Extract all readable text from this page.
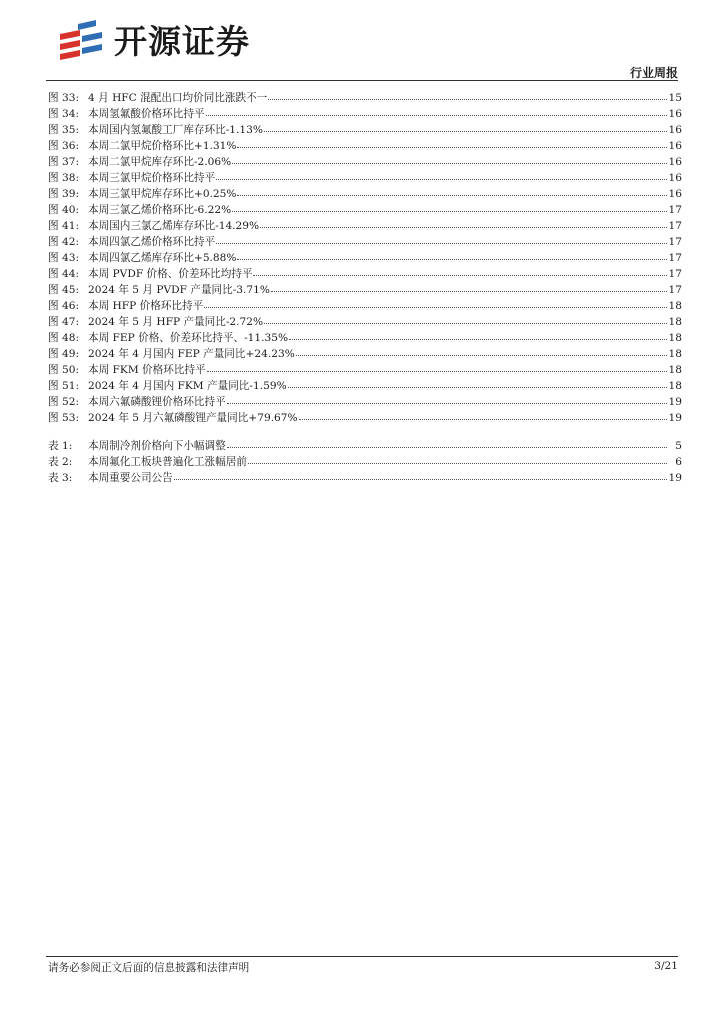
开源证券
行业周报
图 33: 4 月 HFC 混配出口均价同比涨跌不一	15
图 34: 本周氢氟酸价格环比持平	16
图 35: 本周国内氢氟酸工厂库存环比-1.13%	16
图 36: 本周二氯甲烷价格环比+1.31%	16
图 37: 本周二氯甲烷库存环比-2.06%	16
图 38: 本周三氯甲烷价格环比持平	16
图 39: 本周三氯甲烷库存环比+0.25%	16
图 40: 本周三氯乙烯价格环比-6.22%	17
图 41: 本周国内三氯乙烯库存环比-14.29%	17
图 42: 本周四氯乙烯价格环比持平	17
图 43: 本周四氯乙烯库存环比+5.88%	17
图 44: 本周 PVDF 价格、价差环比均持平	17
图 45: 2024 年 5 月 PVDF 产量同比-3.71%	17
图 46: 本周 HFP 价格环比持平	18
图 47: 2024 年 5 月 HFP 产量同比-2.72%	18
图 48: 本周 FEP 价格、价差环比持平、-11.35%	18
图 49: 2024 年 4 月国内 FEP 产量同比+24.23%	18
图 50: 本周 FKM 价格环比持平	18
图 51: 2024 年 4 月国内 FKM 产量同比-1.59%	18
图 52: 本周六氟磷酸锂价格环比持平	19
图 53: 2024 年 5 月六氟磷酸锂产量同比+79.67%	19
表 1:	本周制冷剂价格向下小幅调整	5
表 2:	本周氟化工板块普遍化工涨幅居前	6
表 3:	本周重要公司公告	19
请务必参阅正文后面的信息披露和法律声明	3/21
